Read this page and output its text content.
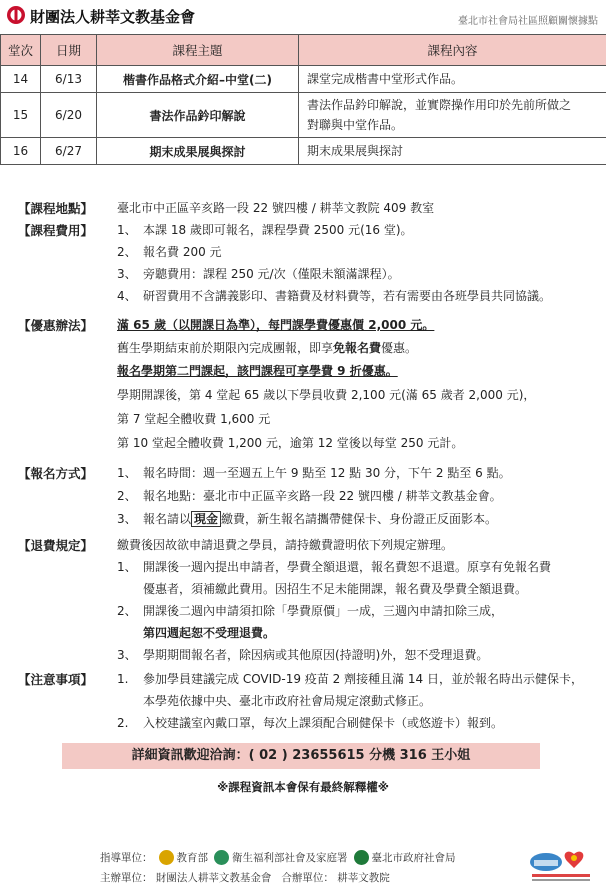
財團法人耕莘文教基金會	臺北市社會局社區照顧關懷據點
堂次	日期	課程主題	課程內容
14	6/13	楷書作品格式介紹–中堂(二)	課堂完成楷書中堂形式作品。
15	6/20	書法作品鈐印解說	書法作品鈐印解說，並實際操作用印於先前所做之
對聯與中堂作品。

16	6/27	期末成果展與探討	期末成果展與探討
【課程地點】 臺北市中正區辛亥路一段 22 號四樓 / 耕莘文教院 409 教室
【課程費用】 1、 本課 18 歲即可報名，課程學費 2500 元(16 堂)。
2、 報名費 200 元
3、 旁聽費用：課程 250 元/次（僅限未額滿課程）。
4、 研習費用不含講義影印、書籍費及材料費等，若有需要由各班學員共同協議。
【優惠辦法】 滿 65 歲（以開課日為準），每門課學費優惠價 2,000 元。
舊生學期結束前於期限內完成團報，即享免報名費優惠。
報名學期第二門課起，該門課程可享學費 9 折優惠。
學期開課後，第 4 堂起 65 歲以下學員收費 2,100 元(滿 65 歲者 2,000 元)，
第 7 堂起全體收費 1,600 元
第 10 堂起全體收費 1,200 元，逾第 12 堂後以每堂 250 元計。
【報名方式】 1、 報名時間：週一至週五上午 9 點至 12 點 30 分，下午 2 點至 6 點。
2、 報名地點：臺北市中正區辛亥路一段 22 號四樓 / 耕莘文教基金會。
3、 報名請以 現金 繳費，新生報名請攜帶健保卡、身份證正反面影本。
【退費規定】 繳費後因故欲申請退費之學員，請持繳費證明依下列規定辦理。
1、 開課後一週內提出申請者，學費全額退還，報名費恕不退還。原享有免報名費
優惠者，須補繳此費用。因招生不足未能開課，報名費及學費全額退費。
2、 開課後二週內申請須扣除「學費原價」一成，三週內申請扣除三成，
第四週起恕不受理退費。
3、 學期期間報名者，除因病或其他原因(持證明)外，恕不受理退費。
【注意事項】 1. 參加學員建議完成 COVID-19 疫苗 2 劑接種且滿 14 日，並於報名時出示健保卡，
本學苑依據中央、臺北市政府社會局規定滾動式修正。
2. 入校建議室內戴口罩，每次上課須配合刷健保卡（或悠遊卡）報到。
詳細資訊歡迎洽詢：( 02 ) 23655615 分機 316 王小姐
※課程資訊本會保有最終解釋權※
指導單位： 教育部 衛生福利部社會及家庭署 臺北市政府社會局
主辦單位： 財團法人耕莘文教基金會 合辦單位： 耕莘文教院
